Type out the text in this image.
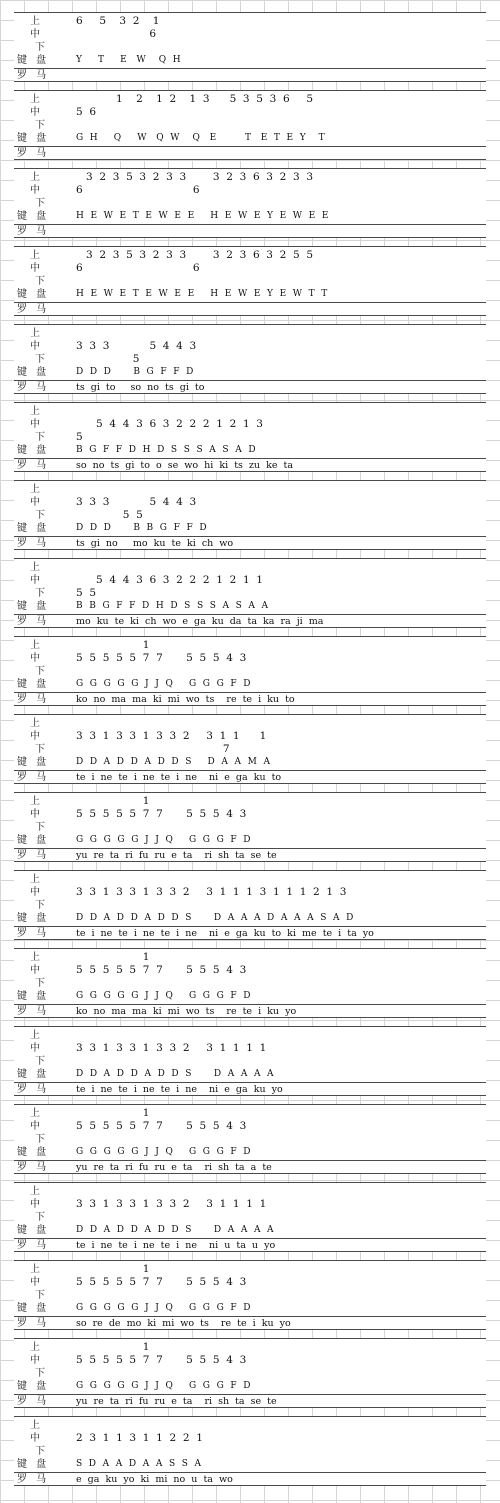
上	6     5    3  2    1
中	6
下
键 盘	Y     T     E   W    Q  H
罗 马
上	1    2    1  2    1  3      5  3  5  3  6     5
中	5  6
下
键 盘	G  H     Q     W   Q  W    Q   E         T   E  T  E  Y    T
罗 马
上	3  2  3  5  3  2  3  3        3  2  3  6  3  2  3  3
中	6                                 6
下
键 盘	H  E  W  E  T  E  W  E  E     H  E  W  E  Y  E  W  E  E
罗 马
上	3  2  3  5  3  2  3  3        3  2  3  6  3  2  5  5
中	6                                 6
下
键 盘	H  E  W  E  T  E  W  E  E     H  E  W  E  Y  E  W  T  T
罗 马
上
中	3  3  3            5  4  4  3
下	5
键 盘	D  D  D       B  G  F  F  D
罗 马	ts  gi  to     so  no  ts  gi  to
上
中	5  4  4  3  6  3  2  2  2  1  2  1  3
下	5
键 盘	B  G  F  F  D  H  D  S  S  S  A  S  A  D
罗 马	so  no  ts  gi  to  o  se  wo  hi  ki  ts  zu  ke  ta
上
中	3  3  3            5  4  4  3
下	5  5
键 盘	D  D  D       B  B  G  F  F  D
罗 马	ts  gi  no     mo  ku  te  ki  ch  wo
上
中	5  4  4  3  6  3  2  2  2  1  2  1  1
下	5  5
键 盘	B  B  G  F  F  D  H  D  S  S  S  A  S  A  A
罗 马	mo  ku  te  ki  ch  wo  e  ga  ku  da  ta  ka  ra  ji  ma
上	1
中	5  5  5  5  5  7  7       5  5  5  4  3
下
键 盘	G  G  G  G  G  J  J  Q     G  G  G  F  D
罗 马	ko  no  ma  ma  ki  mi  wo  ts    re  te  i  ku  to
上
中	3  3  1  3  3  1  3  3  2     3  1  1      1
下	7
键 盘	D  D  A  D  D  A  D  D  S     D  A  A  M  A
罗 马	te  i  ne  te  i  ne  te  i  ne    ni  e  ga  ku  to
上	1
中	5  5  5  5  5  7  7       5  5  5  4  3
下
键 盘	G  G  G  G  G  J  J  Q     G  G  G  F  D
罗 马	yu  re  ta  ri  fu  ru  e  ta    ri  sh  ta  se  te
上
中	3  3  1  3  3  1  3  3  2     3  1  1  1  3  1  1  1  2  1  3
下
键 盘	D  D  A  D  D  A  D  D  S       D  A  A  A  D  A  A  A  S  A  D
罗 马	te  i  ne  te  i  ne  te  i  ne    ni  e  ga  ku  to  ki  me  te  i  ta  yo
上	1
中	5  5  5  5  5  7  7       5  5  5  4  3
下
键 盘	G  G  G  G  G  J  J  Q     G  G  G  F  D
罗 马	ko  no  ma  ma  ki  mi  wo  ts    re  te  i  ku  yo
上
中	3  3  1  3  3  1  3  3  2     3  1  1  1  1
下
键 盘	D  D  A  D  D  A  D  D  S       D  A  A  A  A
罗 马	te  i  ne  te  i  ne  te  i  ne    ni  e  ga  ku  yo
上	1
中	5  5  5  5  5  7  7       5  5  5  4  3
下
键 盘	G  G  G  G  G  J  J  Q     G  G  G  F  D
罗 马	yu  re  ta  ri  fu  ru  e  ta    ri  sh  ta  a  te
上
中	3  3  1  3  3  1  3  3  2     3  1  1  1  1
下
键 盘	D  D  A  D  D  A  D  D  S       D  A  A  A  A
罗 马	te  i  ne  te  i  ne  te  i  ne    ni  u  ta  u  yo
上	1
中	5  5  5  5  5  7  7       5  5  5  4  3
下
键 盘	G  G  G  G  G  J  J  Q     G  G  G  F  D
罗 马	so  re  de  mo  ki  mi  wo  ts    re  te  i  ku  yo
上	1
中	5  5  5  5  5  7  7       5  5  5  4  3
下
键 盘	G  G  G  G  G  J  J  Q     G  G  G  F  D
罗 马	yu  re  ta  ri  fu  ru  e  ta    ri  sh  ta  se  te
上
中	2  3  1  1  3  1  1  2  2  1
下
键 盘	S  D  A  A  D  A  A  S  S  A
罗 马	e  ga  ku  yo  ki  mi  no  u  ta  wo
